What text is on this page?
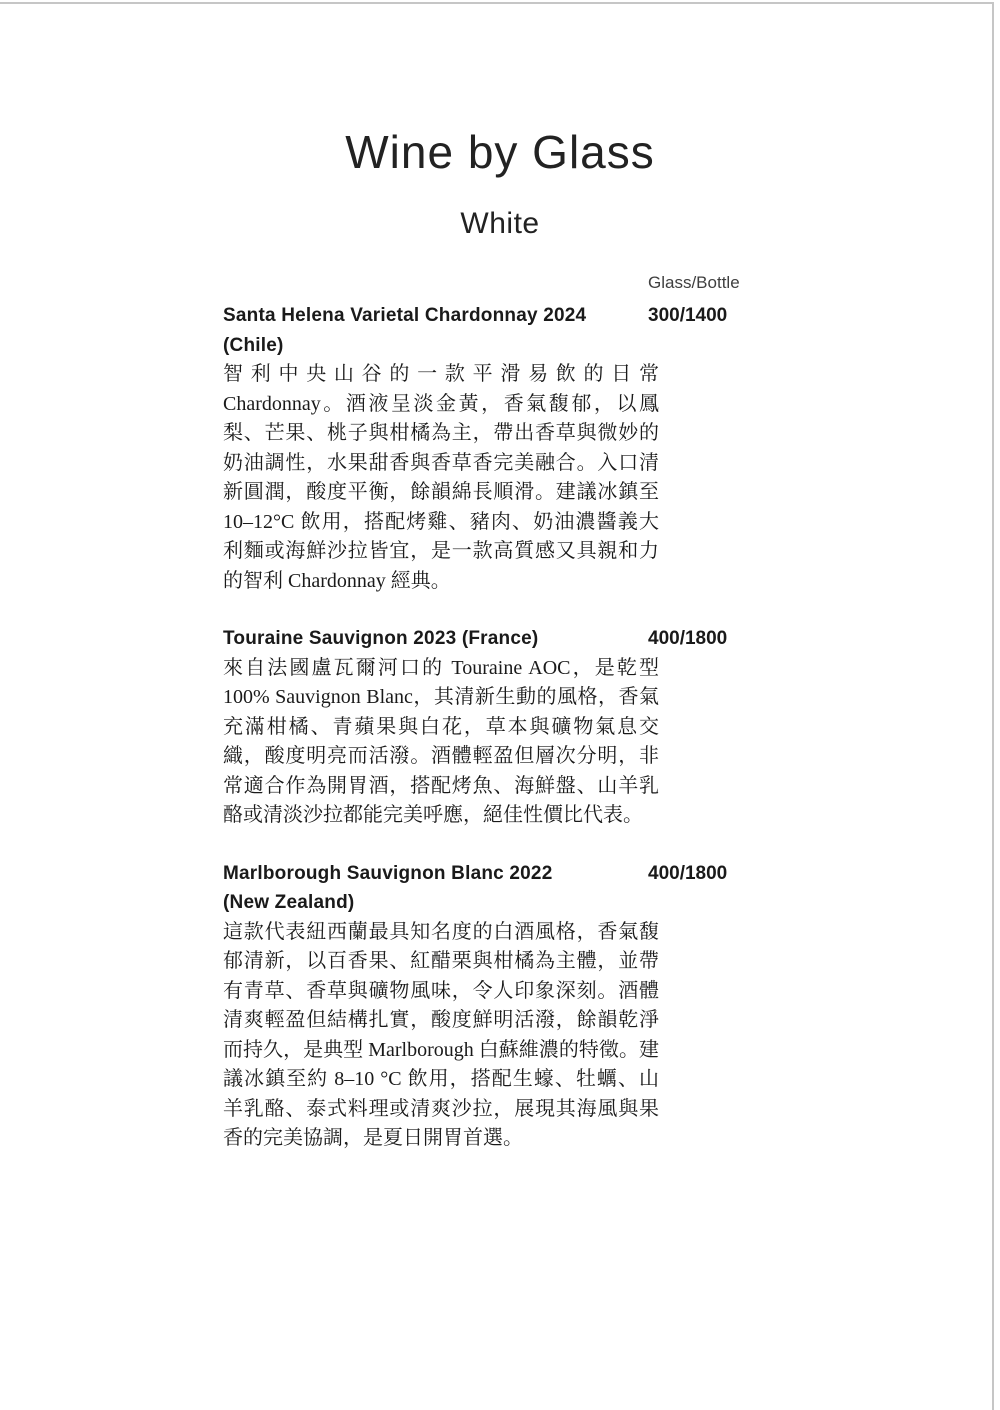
Wine by Glass
White
Glass/Bottle
Santa Helena Varietal Chardonnay 2024 (Chile)
300/1400
智利中央山谷的一款平滑易飲的日常 Chardonnay。酒液呈淡金黃，香氣馥郁，以鳳梨、芒果、桃子與柑橘為主，帶出香草與微妙的奶油調性，水果甜香與香草香完美融合。入口清新圓潤，酸度平衡，餘韻綿長順滑。建議冰鎮至 10–12°C 飲用，搭配烤雞、豬肉、奶油濃醬義大利麵或海鮮沙拉皆宜，是一款高質感又具親和力的智利 Chardonnay 經典。
Touraine Sauvignon 2023 (France)	400/1800
來自法國盧瓦爾河口的 Touraine AOC，是乾型 100% Sauvignon Blanc，其清新生動的風格，香氣充滿柑橘、青蘋果與白花，草本與礦物氣息交織，酸度明亮而活潑。酒體輕盈但層次分明，非常適合作為開胃酒，搭配烤魚、海鮮盤、山羊乳酪或清淡沙拉都能完美呼應，絕佳性價比代表。
Marlborough Sauvignon Blanc 2022
(New Zealand)
400/1800
這款代表紐西蘭最具知名度的白酒風格，香氣馥郁清新，以百香果、紅醋栗與柑橘為主體，並帶有青草、香草與礦物風味，令人印象深刻。酒體清爽輕盈但結構扎實，酸度鮮明活潑，餘韻乾淨而持久，是典型 Marlborough 白蘇維濃的特徵。建議冰鎮至約 8–10 °C 飲用，搭配生蠔、牡蠣、山羊乳酪、泰式料理或清爽沙拉，展現其海風與果香的完美協調，是夏日開胃首選。
